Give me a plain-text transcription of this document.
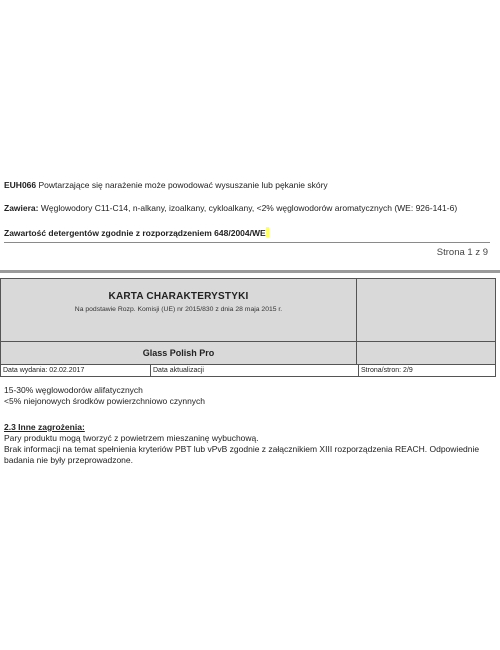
EUH066 Powtarzające się narażenie może powodować wysuszanie lub pękanie skóry
Zawiera: Węglowodory C11-C14, n-alkany, izoalkany, cykloalkany, <2% węglowodorów aromatycznych (WE: 926-141-6)
Zawartość detergentów zgodnie z rozporządzeniem 648/2004/WE
Strona 1 z 9
KARTA CHARAKTERYSTYKI
Na podstawie Rozp. Komisji (UE) nr 2015/830 z dnia 28 maja 2015 r.
Glass Polish Pro
Data wydania: 02.02.2017	Data aktualizacji	Strona/stron: 2/9
15-30% węglowodorów alifatycznych
<5% niejonowych środków powierzchniowo czynnych
2.3 Inne zagrożenia:
Pary produktu mogą tworzyć z powietrzem mieszaninę wybuchową.
Brak informacji na temat spełnienia kryteriów PBT lub vPvB zgodnie z załącznikiem XIII rozporządzenia REACH. Odpowiednie
badania nie były przeprowadzone.
